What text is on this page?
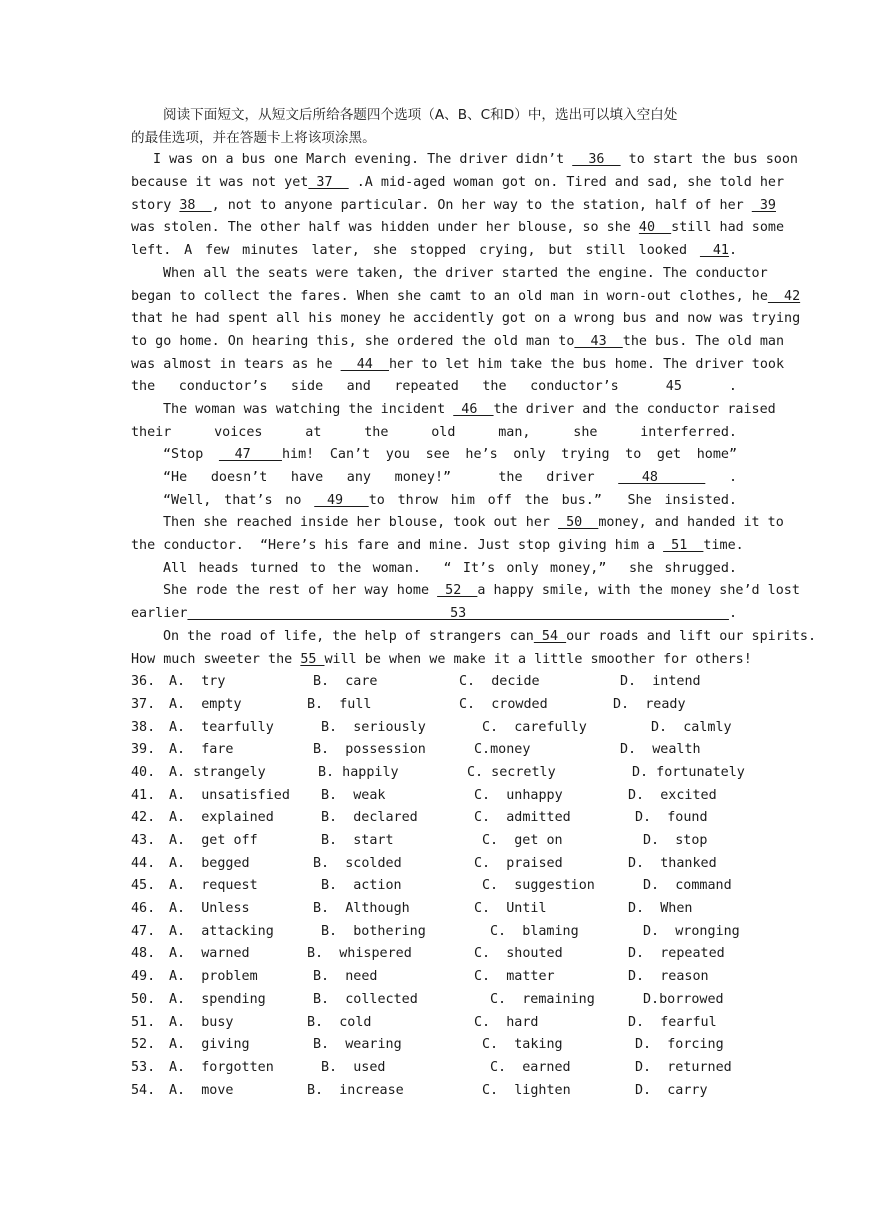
阅读下面短文，从短文后所给各题四个选项（A、B、C和D）中，选出可以填入空白处
的最佳选项，并在答题卡上将该项涂黑。
I was on a bus one March evening. The driver didn’t   36   to start the bus soon
because it was not yet 37   .A mid-aged woman got on. Tired and sad, she told her
story 38  , not to anyone particular. On her way to the station, half of her  39
was stolen. The other half was hidden under her blouse, so she 40  still had some
left. A few minutes later, she stopped crying, but still looked  41.
When all the seats were taken, the driver started the engine. The conductor
began to collect the fares. When she camt to an old man in worn-out clothes, he  42
that he had spent all his money he accidently got on a wrong bus and now was trying
to go home. On hearing this, she ordered the old man to  43  the bus. The old man
was almost in tears as he   44  her to let him take the bus home. The driver took
the conductor’s side and repeated the conductor’s  45  .
The woman was watching the incident  46  the driver and the conductor raised
their voices at the old man, she interferred.
“Stop  47  him! Can’t you see he’s only trying to get home”
“He doesn’t have any money!”  the driver  48   .
“Well, that’s no  49  to throw him off the bus.”  She insisted.
Then she reached inside her blouse, took out her  50  money, and handed it to
the conductor.  “Here’s his fare and mine. Just stop giving him a  51  time.
All heads turned to the woman.  “ It’s only money,”  she shrugged.
She rode the rest of her way home  52  a happy smile, with the money she’d lost
earlier 53 .
On the road of life, the help of strangers can 54 our roads and lift our spirits.
How much sweeter the 55 will be when we make it a little smoother for others!
36. A.  try	B.  care	C.  decide	D.  intend
37. A.  empty	B.  full	C.  crowded	D.  ready
38. A.  tearfully	B.  seriously	C.  carefully	D.  calmly
39. A.  fare	B.  possession	C.money	D.  wealth
40. A. strangely	B. happily	C. secretly	D. fortunately
41. A.  unsatisfied B.  weak	C.  unhappy	D.  excited
42. A.  explained	B.  declared	C.  admitted	D.  found
43. A.  get off	B.  start	C.  get on	D.  stop
44. A.  begged	B.  scolded	C.  praised	D.  thanked
45. A.  request	B.  action	C.  suggestion	D.  command
46. A.  Unless	B.  Although	C.  Until	D.  When
47. A.  attacking	B.  bothering	C.  blaming	D.  wronging
48. A.  warned	B.  whispered	C.  shouted	D.  repeated
49. A.  problem	B.  need	C.  matter	D.  reason
50. A.  spending	B.  collected	C.  remaining	D.borrowed
51. A.  busy	B.  cold	C.  hard	D.  fearful
52. A.  giving	B.  wearing	C.  taking	D.  forcing
53. A.  forgotten	B.  used	C.  earned	D.  returned
54. A.  move	B.  increase	C.  lighten	D.  carry
